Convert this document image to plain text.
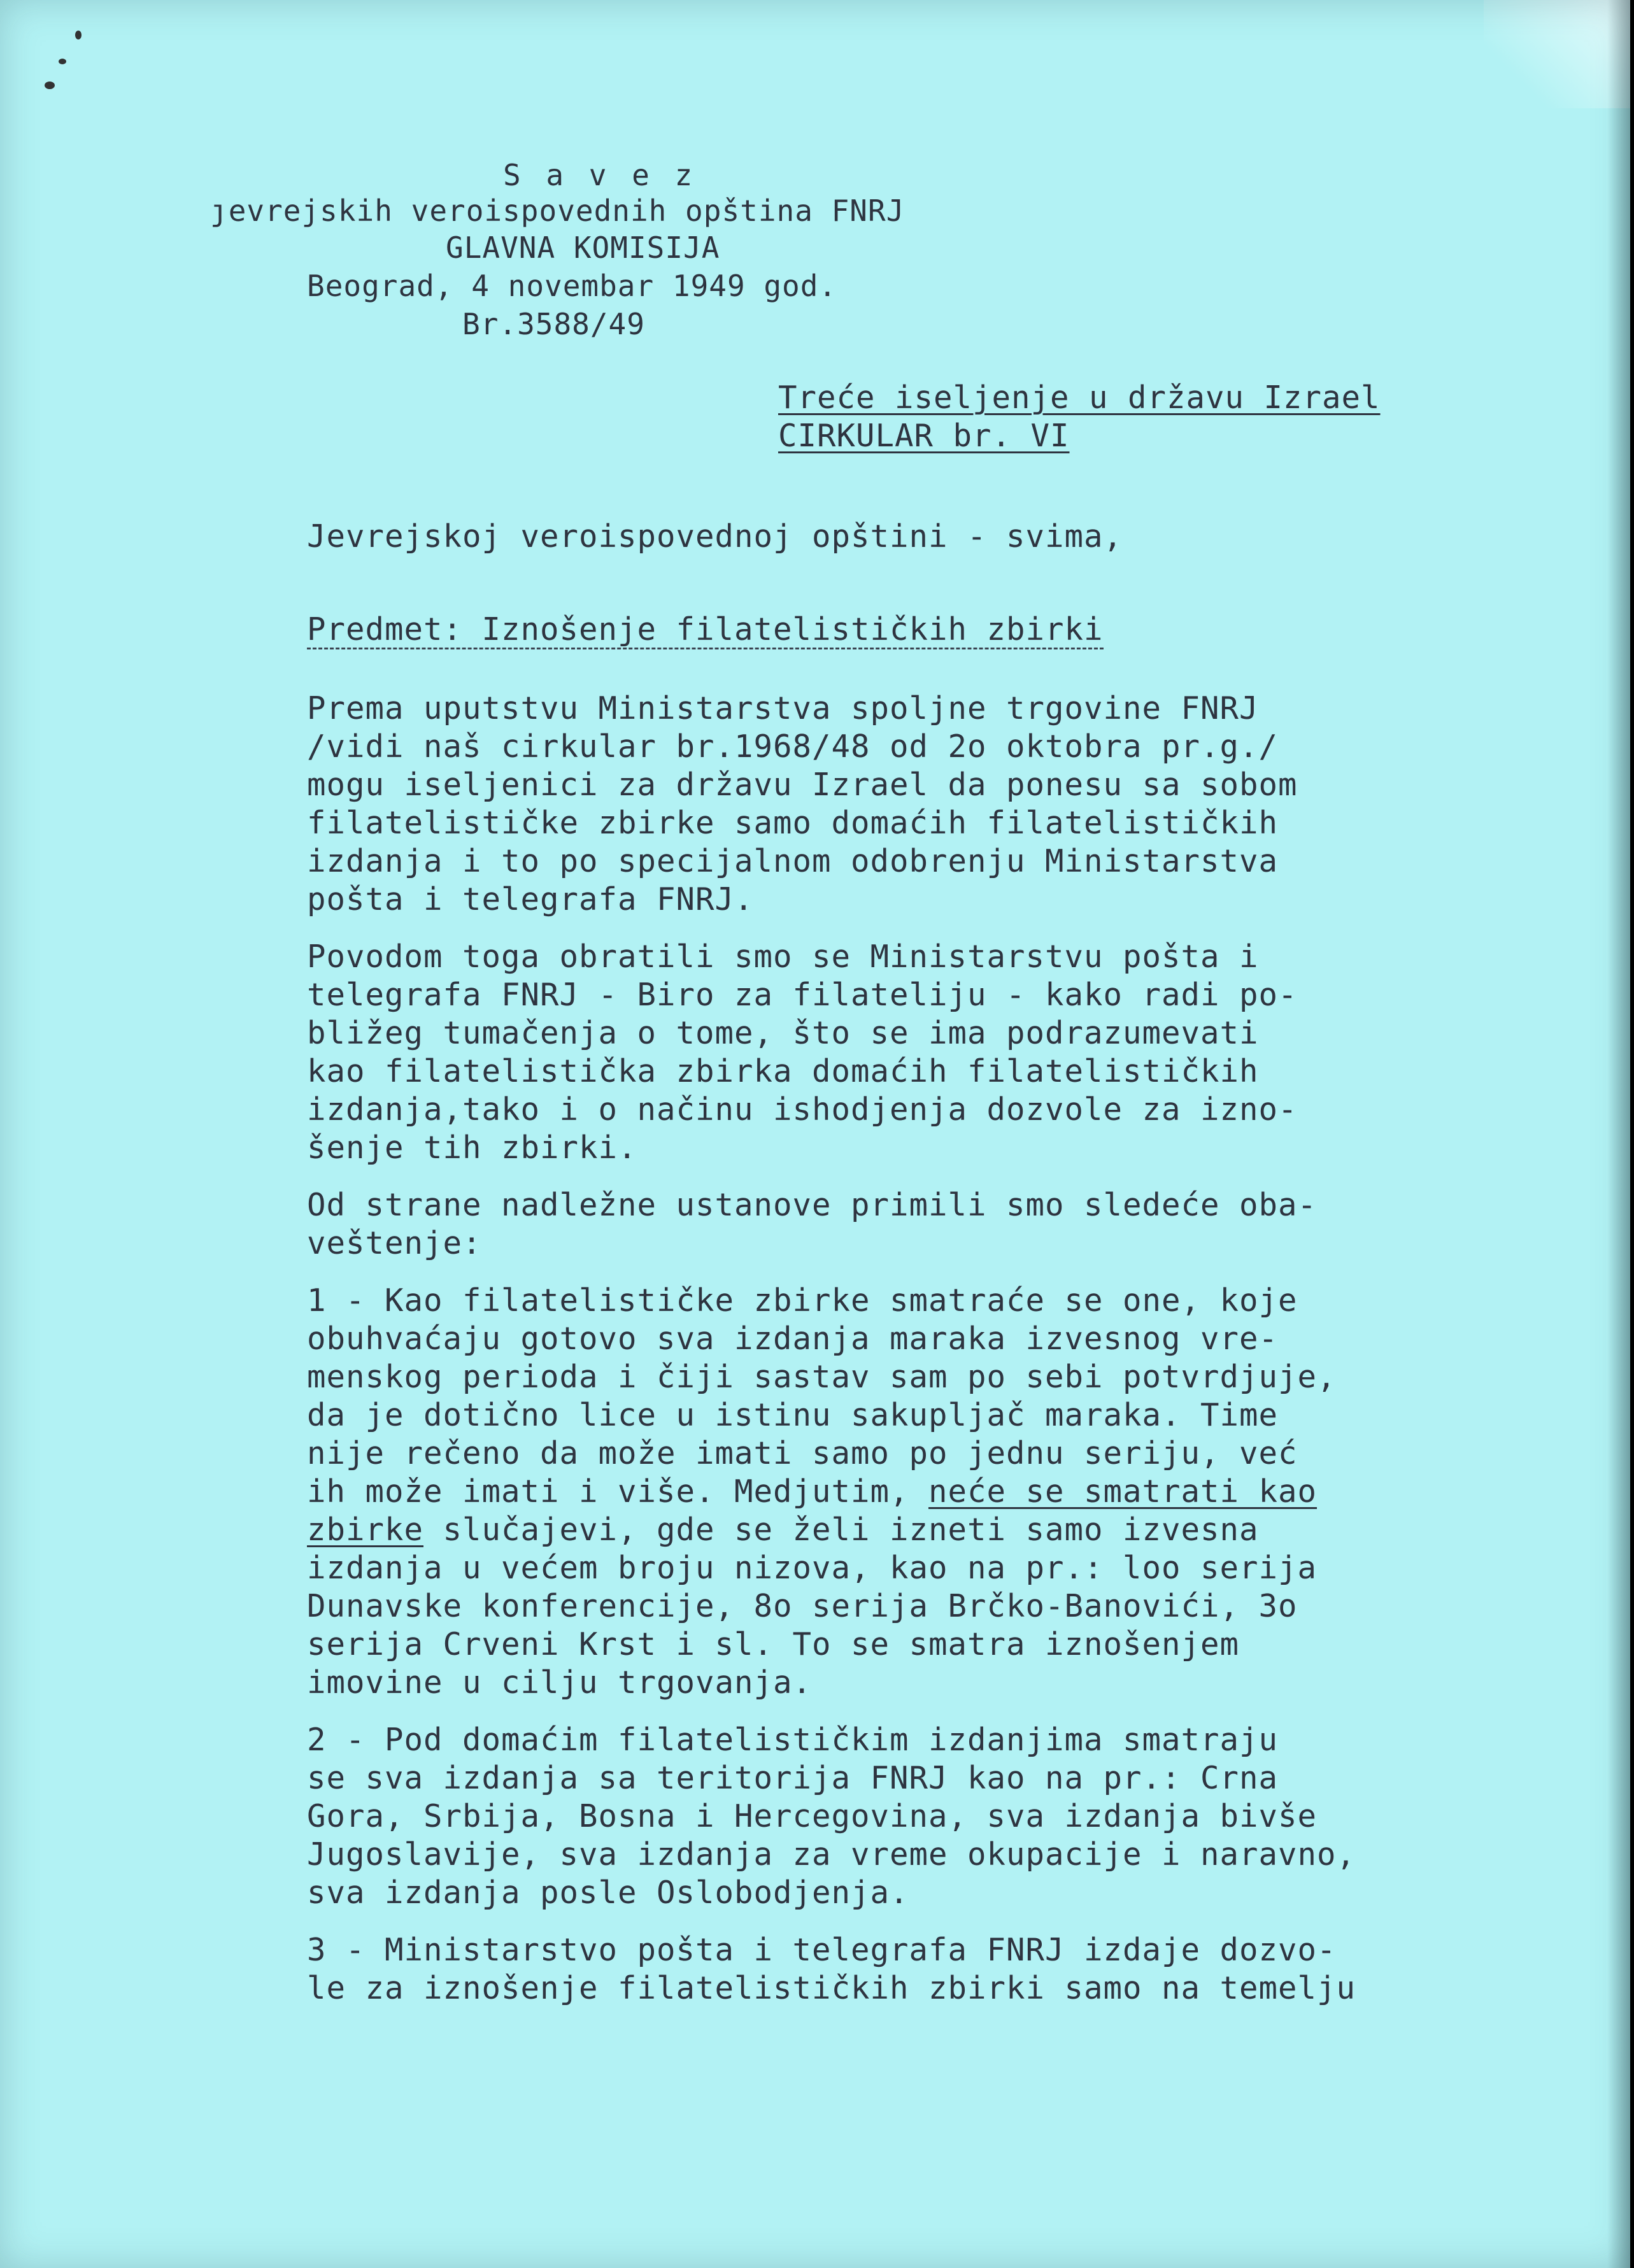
S a v e z
ȷevrejskih veroispovednih opština FNRJ
GLAVNA KOMISIJA
Beograd, 4 novembar 1949 god.
Br.3588/49
Treće iseljenje u državu Izrael
CIRKULAR br. VI
Jevrejskoj veroispovednoj opštini - svima,
Predmet: Iznošenje filatelističkih zbirki
Prema uputstvu Ministarstva spoljne trgovine FNRJ
/vidi naš cirkular br.1968/48 od 2o oktobra pr.g./
mogu iseljenici za državu Izrael da ponesu sa sobom
filatelističke zbirke samo domaćih filatelističkih
izdanja i to po specijalnom odobrenju Ministarstva
pošta i telegrafa FNRJ.
Povodom toga obratili smo se Ministarstvu pošta i
telegrafa FNRJ - Biro za filateliju - kako radi po-
bližeg tumačenja o tome, što se ima podrazumevati
kao filatelistička zbirka domaćih filatelističkih
izdanja,tako i o načinu ishodjenja dozvole za izno-
šenje tih zbirki.
Od strane nadležne ustanove primili smo sledeće oba-
veštenje:
1 - Kao filatelističke zbirke smatraće se one, koje
obuhvaćaju gotovo sva izdanja maraka izvesnog vre-
menskog perioda i čiji sastav sam po sebi potvrdjuje,
da je dotično lice u istinu sakupljač maraka. Time
nije rečeno da može imati samo po jednu seriju, već
ih može imati i više. Medjutim, neće se smatrati kao
zbirke slučajevi, gde se želi izneti samo izvesna
izdanja u većem broju nizova, kao na pr.: loo serija
Dunavske konferencije, 8o serija Brčko-Banovići, 3o
serija Crveni Krst i sl. To se smatra iznošenjem
imovine u cilju trgovanja.
2 - Pod domaćim filatelističkim izdanjima smatraju
se sva izdanja sa teritorija FNRJ kao na pr.: Crna
Gora, Srbija, Bosna i Hercegovina, sva izdanja bivše
Jugoslavije, sva izdanja za vreme okupacije i naravno,
sva izdanja posle Oslobodjenja.
3 - Ministarstvo pošta i telegrafa FNRJ izdaje dozvo-
le za iznošenje filatelističkih zbirki samo na temelju
